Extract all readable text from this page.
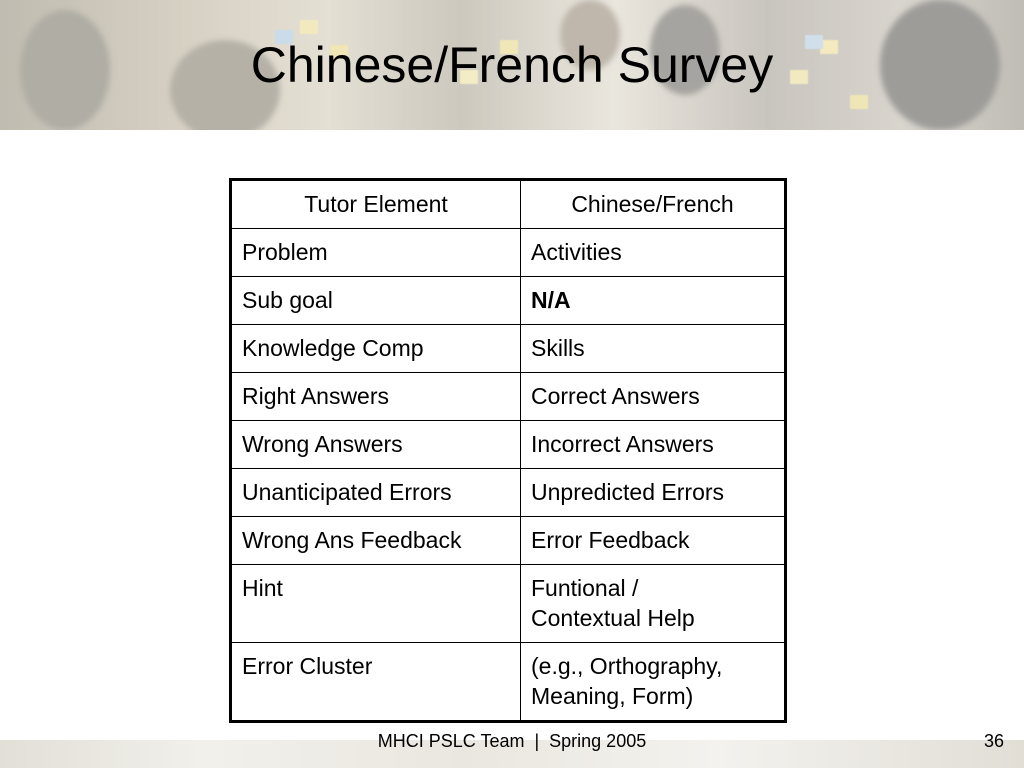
Chinese/French Survey
Tutor Element	Chinese/French
Problem	Activities
Sub goal	N/A
Knowledge Comp	Skills
Right Answers	Correct Answers
Wrong Answers	Incorrect Answers
Unanticipated Errors	Unpredicted Errors
Wrong Ans Feedback	Error Feedback
Hint	Funtional /
Contextual Help
Error Cluster	(e.g., Orthography,
Meaning, Form)
MHCI PSLC Team  |  Spring 2005	36
